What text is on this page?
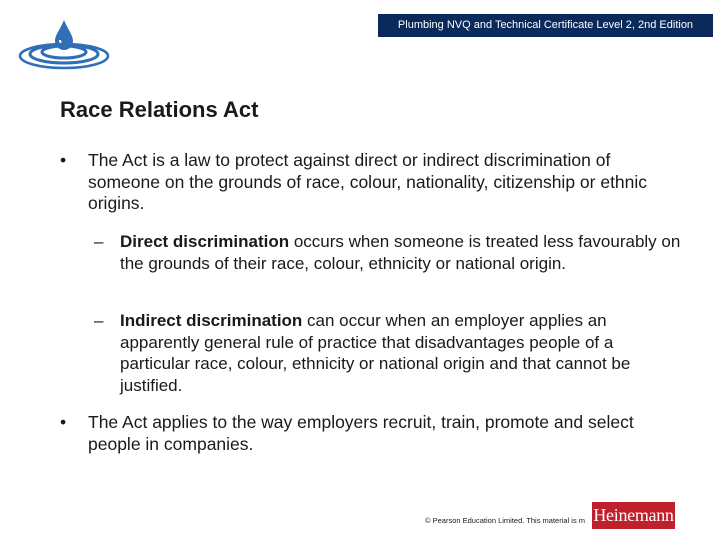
Plumbing NVQ and Technical Certificate Level 2, 2nd Edition
Race Relations Act
• The Act is a law to protect against direct or indirect discrimination of someone on the grounds of race, colour, nationality, citizenship or ethnic origins.
– Direct discrimination occurs when someone is treated less favourably on the grounds of their race, colour, ethnicity or national origin.
– Indirect discrimination can occur when an employer applies an apparently general rule of practice that disadvantages people of a particular race, colour, ethnicity or national origin and that cannot be justified.
• The Act applies to the way employers recruit, train, promote and select people in companies.
© Pearson Education Limited. This material is m Heinemann
